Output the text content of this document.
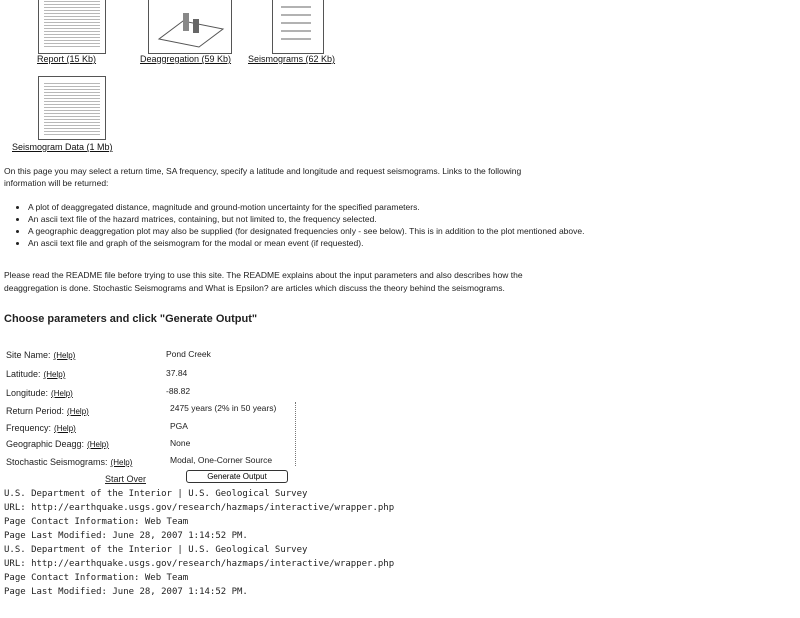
Report (15 Kb)	Deaggregation (59 Kb) Seismograms (62 Kb)
Seismogram Data (1 Mb)
On this page you may select a return time, SA frequency, specify a latitude and longitude and request seismograms. Links to the following
information will be returned:
• A plot of deaggregated distance, magnitude and ground-motion uncertainty for the specified parameters.
• An ascii text file of the hazard matrices, containing, but not limited to, the frequency selected.
• A geographic deaggregation plot may also be supplied (for designated frequencies only - see below). This is in addition to the plot mentioned above.
• An ascii text file and graph of the seismogram for the modal or mean event (if requested).
Please read the README file before trying to use this site. The README explains about the input parameters and also describes how the
deaggregation is done. Stochastic Seismograms and What is Epsilon? are articles which discuss the theory behind the seismograms.
Choose parameters and click "Generate Output"
Site Name: (Help)	Pond Creek
Latitude: (Help)	37.84
Longitude: (Help)	-88.82
Return Period: (Help)	2475 years (2% in 50 years)
Frequency: (Help)	PGA
Geographic Deagg: (Help)	None
Stochastic Seismograms: (Help)	Modal, One-Corner Source
Start Over	Generate Output
U.S. Department of the Interior | U.S. Geological Survey
URL: http://earthquake.usgs.gov/research/hazmaps/interactive/wrapper.php
Page Contact Information: Web Team
Page Last Modified: June 28, 2007 1:14:52 PM.
U.S. Department of the Interior | U.S. Geological Survey
URL: http://earthquake.usgs.gov/research/hazmaps/interactive/wrapper.php
Page Contact Information: Web Team
Page Last Modified: June 28, 2007 1:14:52 PM.
